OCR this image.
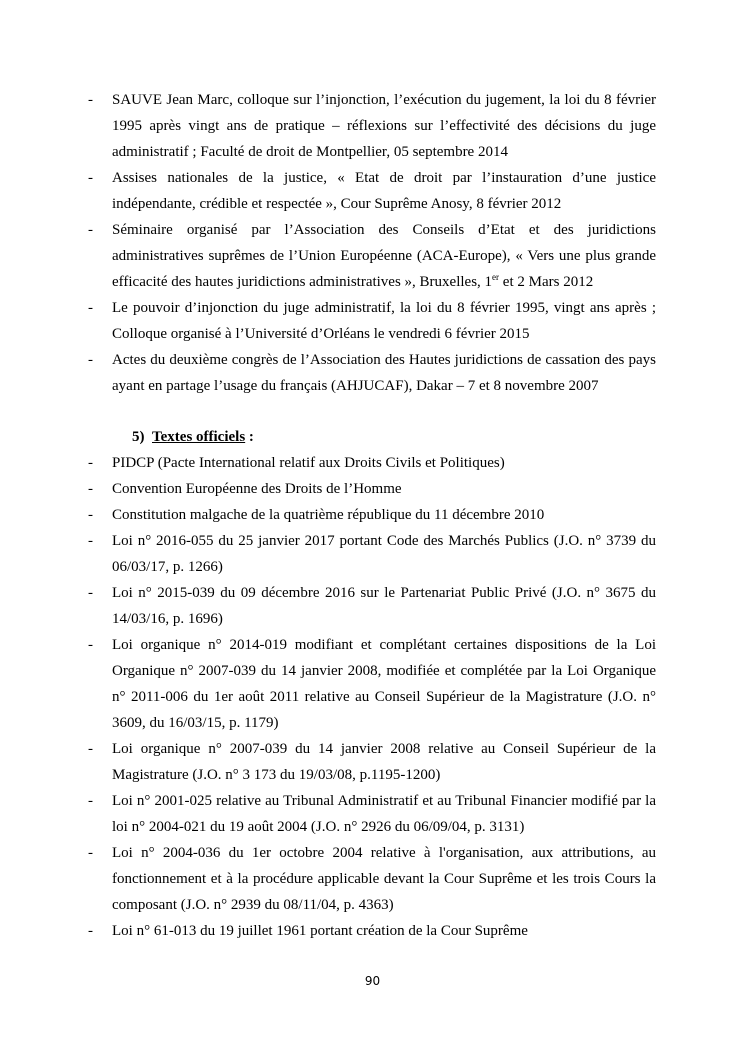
- SAUVE Jean Marc, colloque sur l’injonction, l’exécution du jugement, la loi du 8 février 1995 après vingt ans de pratique – réflexions sur l’effectivité des décisions du juge administratif ; Faculté de droit de Montpellier, 05 septembre 2014
- Assises nationales de la justice, « Etat de droit par l’instauration d’une justice indépendante, crédible et respectée », Cour Suprême Anosy, 8 février 2012
- Séminaire organisé par l’Association des Conseils d’Etat et des juridictions administratives suprêmes de l’Union Européenne (ACA-Europe), « Vers une plus grande efficacité des hautes juridictions administratives », Bruxelles, 1er et 2 Mars 2012
- Le pouvoir d’injonction du juge administratif, la loi du 8 février 1995, vingt ans après ; Colloque organisé à l’Université d’Orléans le vendredi 6 février 2015
- Actes du deuxième congrès de l’Association des Hautes juridictions de cassation des pays ayant en partage l’usage du français (AHJUCAF), Dakar – 7 et 8 novembre 2007
5) Textes officiels :
- PIDCP (Pacte International relatif aux Droits Civils et Politiques)
- Convention Européenne des Droits de l’Homme
- Constitution malgache de la quatrième république du 11 décembre 2010
- Loi n° 2016-055 du 25 janvier 2017 portant Code des Marchés Publics (J.O. n° 3739 du 06/03/17, p. 1266)
- Loi n° 2015-039 du 09 décembre 2016 sur le Partenariat Public Privé (J.O. n° 3675 du 14/03/16, p. 1696)
- Loi organique n° 2014-019 modifiant et complétant certaines dispositions de la Loi Organique n° 2007-039 du 14 janvier 2008, modifiée et complétée par la Loi Organique n° 2011-006 du 1er août 2011 relative au Conseil Supérieur de la Magistrature (J.O. n° 3609, du 16/03/15, p. 1179)
- Loi organique n° 2007-039 du 14 janvier 2008 relative au Conseil Supérieur de la Magistrature (J.O. n° 3 173 du 19/03/08, p.1195-1200)
- Loi n° 2001-025 relative au Tribunal Administratif et au Tribunal Financier modifié par la loi n° 2004-021 du 19 août 2004 (J.O. n° 2926 du 06/09/04, p. 3131)
- Loi n° 2004-036 du 1er octobre 2004 relative à l'organisation, aux attributions, au fonctionnement et à la procédure applicable devant la Cour Suprême et les trois Cours la composant (J.O. n° 2939 du 08/11/04, p. 4363)
- Loi n° 61-013 du 19 juillet 1961 portant création de la Cour Suprême
90
